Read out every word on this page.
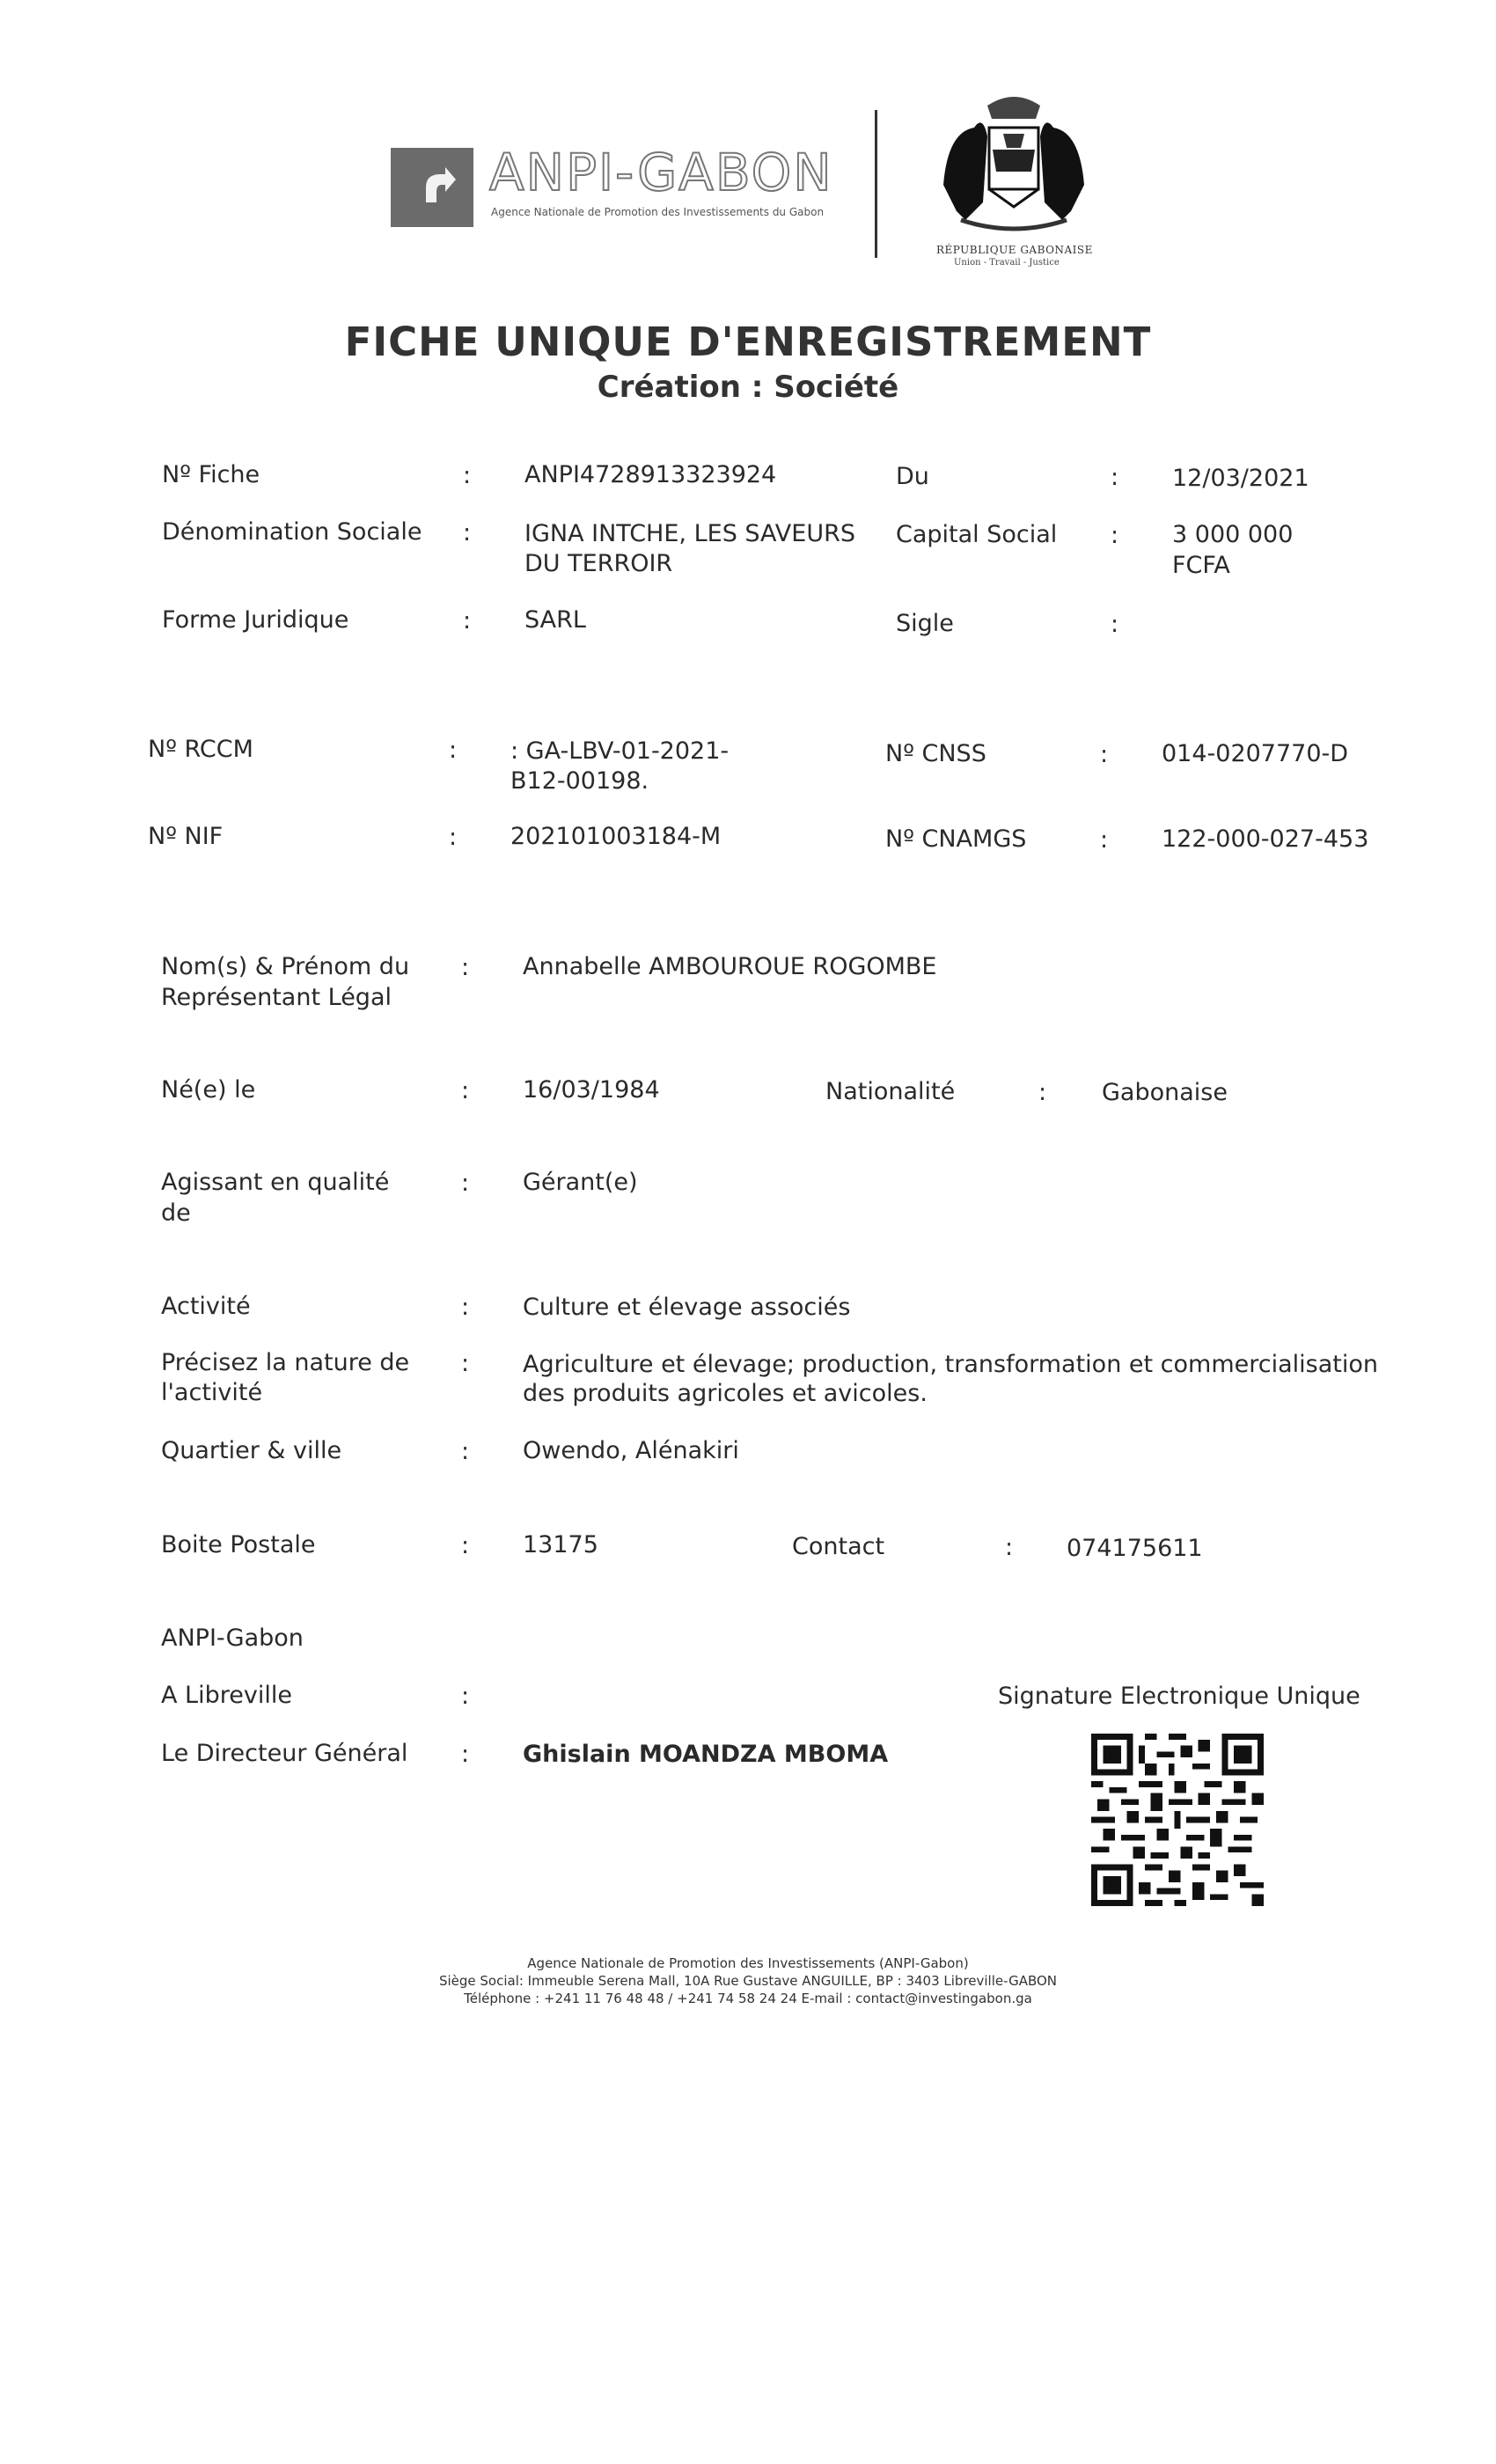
ANPI-GABON
Agence Nationale de Promotion des Investissements du Gabon
RÉPUBLIQUE GABONAISE
Union - Travail - Justice
FICHE UNIQUE D'ENREGISTREMENT
Création : Société
Nº Fiche	: ANPI4728913323924	Du	: 12/03/2021
Dénomination Sociale : IGNA INTCHE, LES SAVEURS
DU TERROIR
Capital Social : 3 000 000
FCFA
Forme Juridique	: SARL	Sigle	:
Nº RCCM	: : GA-LBV-01-2021-
B12-00198.
Nº CNSS	: 014-0207770-D
Nº NIF	: 202101003184-M	Nº CNAMGS	: 122-000-027-453
Nom(s) & Prénom du
Représentant Légal
: Annabelle AMBOUROUE ROGOMBE
Né(e) le	: 16/03/1984	Nationalité	: Gabonaise
Agissant en qualité
de
: Gérant(e)
Activité	: Culture et élevage associés
Précisez la nature de
l'activité
: Agriculture et élevage; production, transformation et commercialisation
des produits agricoles et avicoles.
Quartier & ville	: Owendo, Alénakiri
Boite Postale	: 13175	Contact	: 074175611
ANPI-Gabon
A Libreville	:
Le Directeur Général : Ghislain MOANDZA MBOMA
Signature Electronique Unique
Agence Nationale de Promotion des Investissements (ANPI-Gabon)
Siège Social: Immeuble Serena Mall, 10A Rue Gustave ANGUILLE, BP : 3403 Libreville-GABON
Téléphone : +241 11 76 48 48 / +241 74 58 24 24 E-mail : contact@investingabon.ga
